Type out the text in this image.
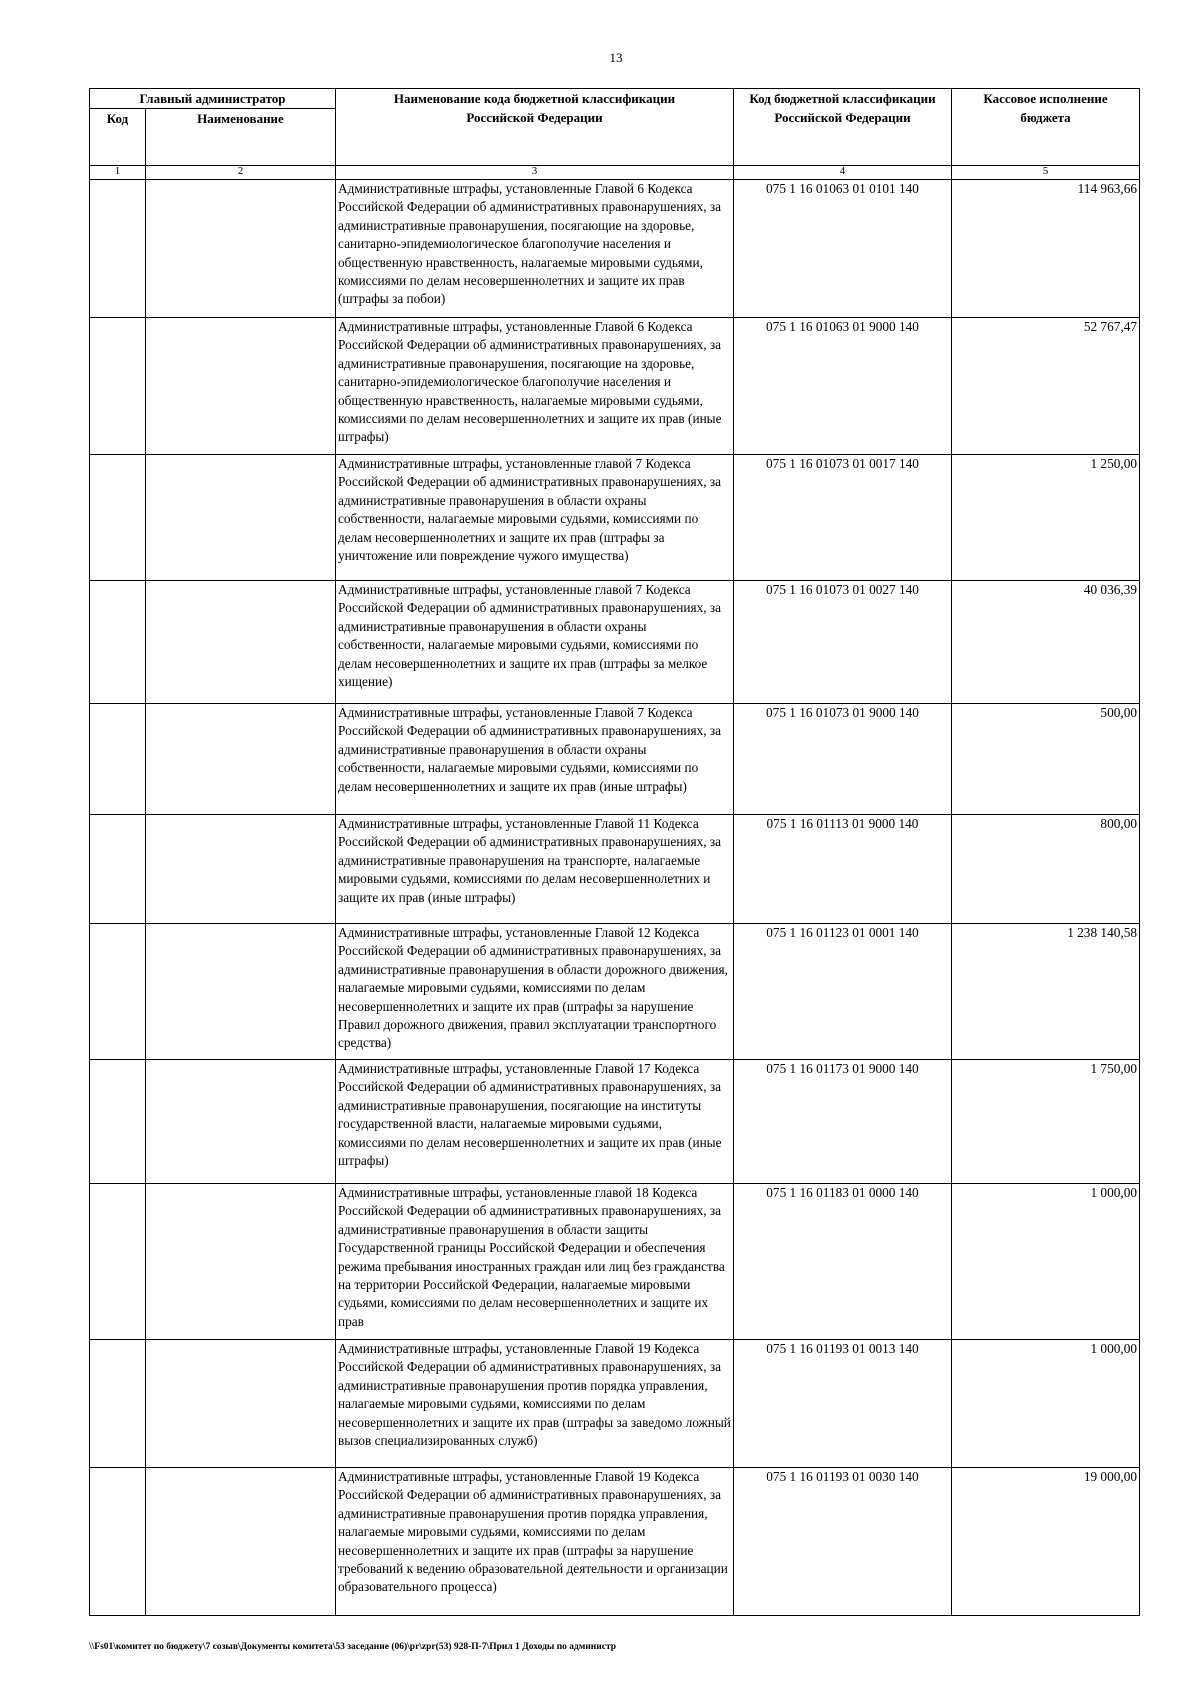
13
Главный администратор		Наименование кода бюджетной классификации Российской Федерации	Код бюджетной классификации Российской Федерации	Кассовое исполнение бюджета
Код	Наименование			
1	2	3	4	5
		Административные штрафы, установленные Главой 6 Кодекса Российской Федерации об административных правонарушениях, за административные правонарушения, посягающие на здоровье, санитарно-эпидемиологическое благополучие населения и общественную нравственность, налагаемые мировыми судьями, комиссиями по делам несовершеннолетних и защите их прав (штрафы за побои)	075 1 16 01063 01 0101 140	114 963,66
		Административные штрафы, установленные Главой 6 Кодекса Российской Федерации об административных правонарушениях, за административные правонарушения, посягающие на здоровье, санитарно-эпидемиологическое благополучие населения и общественную нравственность, налагаемые мировыми судьями, комиссиями по делам несовершеннолетних и защите их прав (иные штрафы)	075 1 16 01063 01 9000 140	52 767,47
		Административные штрафы, установленные главой 7 Кодекса Российской Федерации об административных правонарушениях, за административные правонарушения в области охраны собственности, налагаемые мировыми судьями, комиссиями по делам несовершеннолетних и защите их прав (штрафы за уничтожение или повреждение чужого имущества)	075 1 16 01073 01 0017 140	1 250,00
		Административные штрафы, установленные главой 7 Кодекса Российской Федерации об административных правонарушениях, за административные правонарушения в области охраны собственности, налагаемые мировыми судьями, комиссиями по делам несовершеннолетних и защите их прав (штрафы за мелкое хищение)	075 1 16 01073 01 0027 140	40 036,39
		Административные штрафы, установленные Главой 7 Кодекса Российской Федерации об административных правонарушениях, за административные правонарушения в области охраны собственности, налагаемые мировыми судьями, комиссиями по делам несовершеннолетних и защите их прав (иные штрафы)	075 1 16 01073 01 9000 140	500,00
		Административные штрафы, установленные Главой 11 Кодекса Российской Федерации об административных правонарушениях, за административные правонарушения на транспорте, налагаемые мировыми судьями, комиссиями по делам несовершеннолетних и защите их прав (иные штрафы)	075 1 16 01113 01 9000 140	800,00
		Административные штрафы, установленные Главой 12 Кодекса Российской Федерации об административных правонарушениях, за административные правонарушения в области дорожного движения, налагаемые мировыми судьями, комиссиями по делам несовершеннолетних и защите их прав (штрафы за нарушение Правил дорожного движения, правил эксплуатации транспортного средства)	075 1 16 01123 01 0001 140	1 238 140,58
		Административные штрафы, установленные Главой 17 Кодекса Российской Федерации об административных правонарушениях, за административные правонарушения, посягающие на институты государственной власти, налагаемые мировыми судьями, комиссиями по делам несовершеннолетних и защите их прав (иные штрафы)	075 1 16 01173 01 9000 140	1 750,00
		Административные штрафы, установленные главой 18 Кодекса Российской Федерации об административных правонарушениях, за административные правонарушения в области защиты Государственной границы Российской Федерации и обеспечения режима пребывания иностранных граждан или лиц без гражданства на территории Российской Федерации, налагаемые мировыми судьями, комиссиями по делам несовершеннолетних и защите их прав	075 1 16 01183 01 0000 140	1 000,00
		Административные штрафы, установленные Главой 19 Кодекса Российской Федерации об административных правонарушениях, за административные правонарушения против порядка управления, налагаемые мировыми судьями, комиссиями по делам несовершеннолетних и защите их прав (штрафы за заведомо ложный вызов специализированных служб)	075 1 16 01193 01 0013 140	1 000,00
		Административные штрафы, установленные Главой 19 Кодекса Российской Федерации об административных правонарушениях, за административные правонарушения против порядка управления, налагаемые мировыми судьями, комиссиями по делам несовершеннолетних и защите их прав (штрафы за нарушение требований к ведению образовательной деятельности и организации образовательного процесса)	075 1 16 01193 01 0030 140	19 000,00
\\Fs01\комитет по бюджету\7 созыв\Документы комитета\53 заседание (06)\pr\zpr(53) 928-П-7\Прил 1 Доходы по администр
